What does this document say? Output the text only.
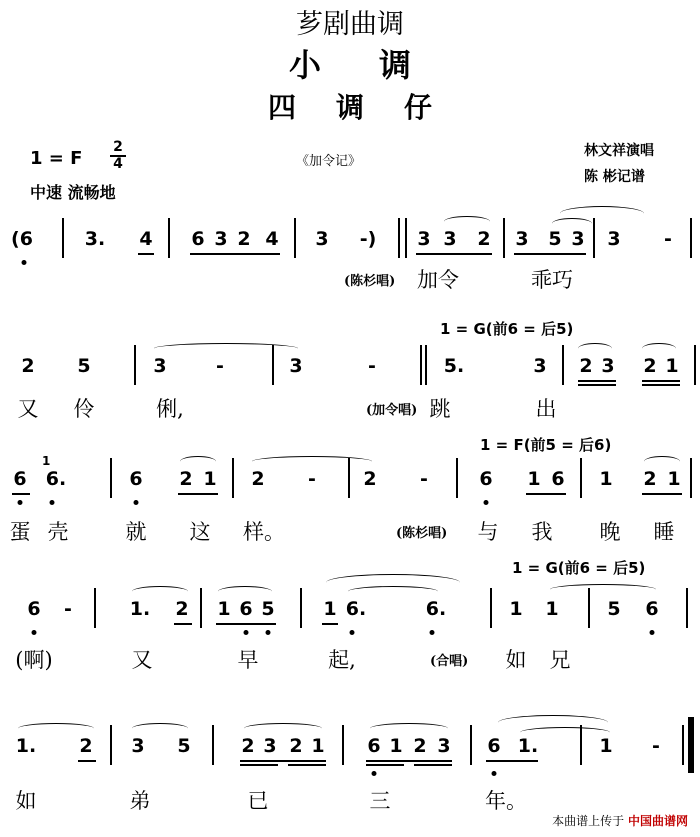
芗剧曲调
小调
四调仔
1 = F $\frac{2}{4}$
中速 流畅地
《加令记》
林文祥演唱
陈 彬记谱
(6	3. 4 6 3 2 4 3 -) 3 3 2 3 5 3 3 -
(陈杉唱) 加令	乖巧
1 = G(前6 = 后5)
2 5	3	-	3	-	5.	3 2 3 2 1
又 伶	俐,	(加令唱) 跳	出
1 = F(前5 = 后6)
6
1
6.	6 2 1 2 - 2 -	6 1 6 1 2 1
蛋 壳	就 这 样。	(陈杉唱) 与 我 晚 睡
1 = G(前6 = 后5)
6 -	1. 2 1 6 5	1 6.	6.	1 1	5 6
(啊)	又	早	起,	(合唱) 如 兄
1. 2 3 5	2 3 2 1 6 1 2 3 6 1.	1 -
如	弟	已	三	年。
本曲谱上传于 中国曲谱网
